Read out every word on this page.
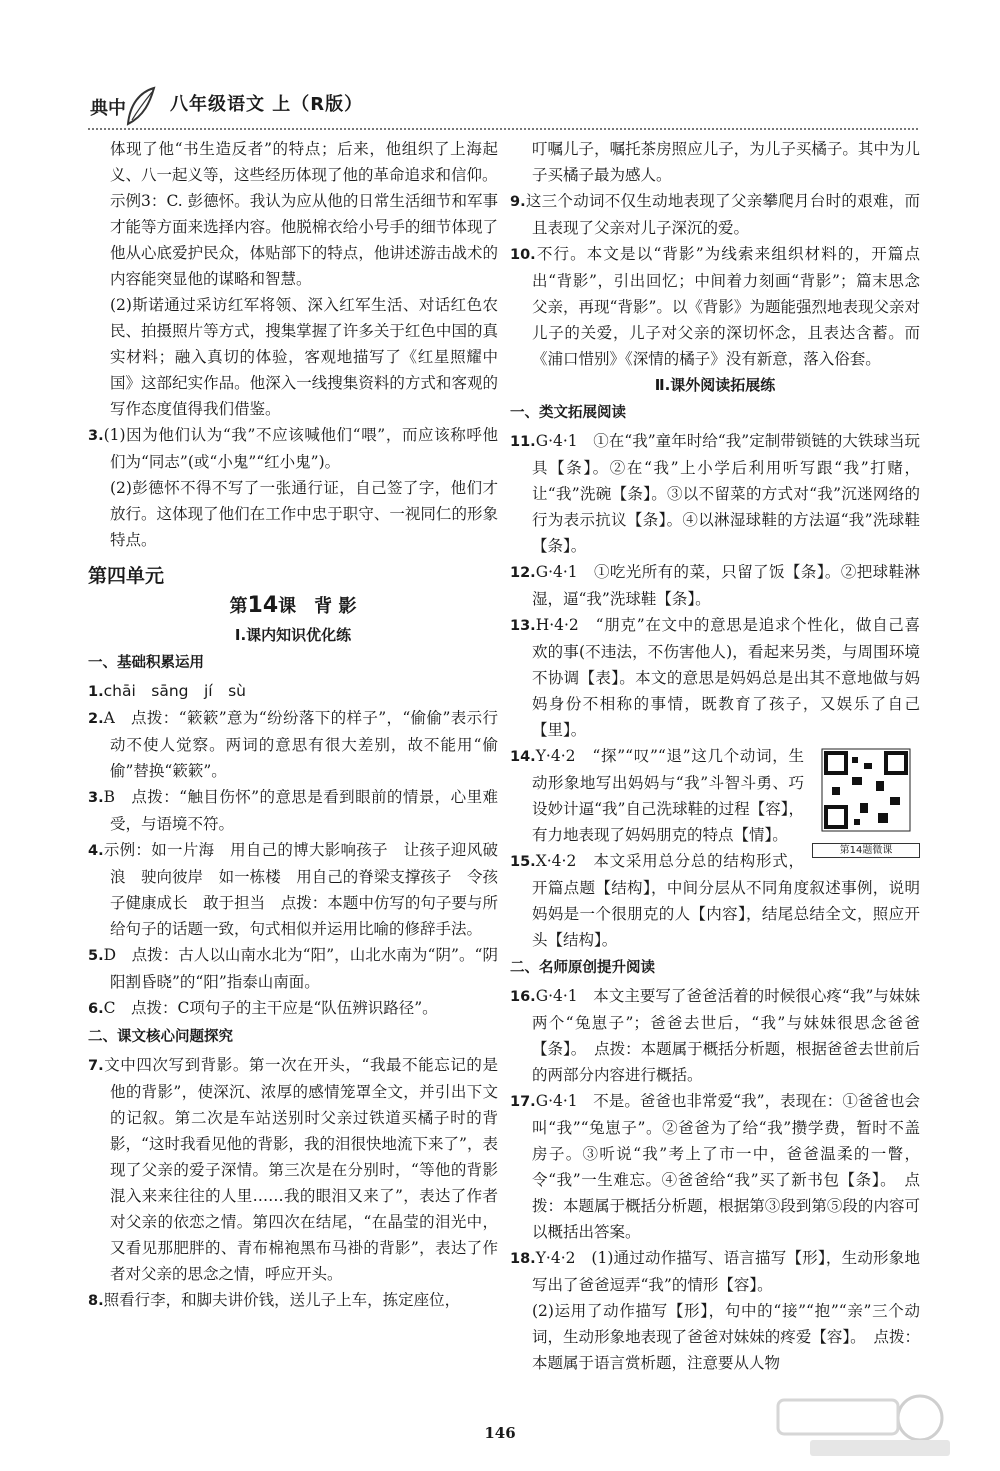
典中 八年级语文 上（R版）

体现了他“书生造反者”的特点；后来，他组织了上海起义、八一起义等，这些经历体现了他的革命追求和信仰。

示例3：C. 彭德怀。我认为应从他的日常生活细节和军事才能等方面来选择内容。他脱棉衣给小号手的细节体现了他从心底爱护民众，体贴部下的特点，他讲述游击战术的内容能突显他的谋略和智慧。

(2)斯诺通过采访红军将领、深入红军生活、对话红色农民、拍摄照片等方式，搜集掌握了许多关于红色中国的真实材料；融入真切的体验，客观地描写了《红星照耀中国》这部纪实作品。他深入一线搜集资料的方式和客观的写作态度值得我们借鉴。

3.(1)因为他们认为“我”不应该喊他们“喂”，而应该称呼他们为“同志”(或“小鬼”“红小鬼”)。

(2)彭德怀不得不写了一张通行证，自己签了字，他们才放行。这体现了他们在工作中忠于职守、一视同仁的形象特点。

第四单元
第14课　背 影
Ⅰ.课内知识优化练
一、基础积累运用

1.chāi　sāng　jí　sù

2.A　点拨：“簌簌”意为“纷纷落下的样子”，“偷偷”表示行动不使人觉察。两词的意思有很大差别，故不能用“偷偷”替换“簌簌”。

3.B　点拨：“触目伤怀”的意思是看到眼前的情景，心里难受，与语境不符。

4.示例：如一片海　用自己的博大影响孩子　让孩子迎风破浪　驶向彼岸　如一栋楼　用自己的脊梁支撑孩子　令孩子健康成长　敢于担当　点拨：本题中仿写的句子要与所给句子的话题一致，句式相似并运用比喻的修辞手法。

5.D　点拨：古人以山南水北为“阳”，山北水南为“阴”。“阴阳割昏晓”的“阳”指泰山南面。

6.C　点拨：C项句子的主干应是“队伍辨识路径”。

二、课文核心问题探究

7.文中四次写到背影。第一次在开头，“我最不能忘记的是他的背影”，使深沉、浓厚的感情笼罩全文，并引出下文的记叙。第二次是车站送别时父亲过铁道买橘子时的背影，“这时我看见他的背影，我的泪很快地流下来了”，表现了父亲的爱子深情。第三次是在分别时，“等他的背影混入来来往往的人里……我的眼泪又来了”，表达了作者对父亲的依恋之情。第四次在结尾，“在晶莹的泪光中，又看见那肥胖的、青布棉袍黑布马褂的背影”，表达了作者对父亲的思念之情，呼应开头。

8.照看行李，和脚夫讲价钱，送儿子上车，拣定座位，

叮嘱儿子，嘱托茶房照应儿子，为儿子买橘子。其中为儿子买橘子最为感人。

9.这三个动词不仅生动地表现了父亲攀爬月台时的艰难，而且表现了父亲对儿子深沉的爱。

10.不行。本文是以“背影”为线索来组织材料的，开篇点出“背影”，引出回忆；中间着力刻画“背影”；篇末思念父亲，再现“背影”。以《背影》为题能强烈地表现父亲对儿子的关爱，儿子对父亲的深切怀念，且表达含蓄。而《浦口惜别》《深情的橘子》没有新意，落入俗套。

Ⅱ.课外阅读拓展练
一、类文拓展阅读

11.G·4·1　①在“我”童年时给“我”定制带锁链的大铁球当玩具【条】。②在“我”上小学后利用听写跟“我”打赌，让“我”洗碗【条】。③以不留菜的方式对“我”沉迷网络的行为表示抗议【条】。④以淋湿球鞋的方法逼“我”洗球鞋【条】。

12.G·4·1　①吃光所有的菜，只留了饭【条】。②把球鞋淋湿，逼“我”洗球鞋【条】。

13.H·4·2　“朋克”在文中的意思是追求个性化，做自己喜欢的事(不违法，不伤害他人)，看起来另类，与周围环境不协调【表】。本文的意思是妈妈总是出其不意地做与妈妈身份不相称的事情，既教育了孩子，又娱乐了自己【里】。

第14题微课

14.Y·4·2　“探”“叹”“退”这几个动词，生动形象地写出妈妈与“我”斗智斗勇、巧设妙计逼“我”自己洗球鞋的过程【容】，有力地表现了妈妈朋克的特点【情】。

15.X·4·2　本文采用总分总的结构形式，开篇点题【结构】，中间分层从不同角度叙述事例，说明妈妈是一个很朋克的人【内容】，结尾总结全文，照应开头【结构】。

二、名师原创提升阅读

16.G·4·1　本文主要写了爸爸活着的时候很心疼“我”与妹妹两个“兔崽子”；爸爸去世后，“我”与妹妹很思念爸爸【条】。　点拨：本题属于概括分析题，根据爸爸去世前后的两部分内容进行概括。

17.G·4·1　不是。爸爸也非常爱“我”，表现在：①爸爸也会叫“我”“兔崽子”。②爸爸为了给“我”攒学费，暂时不盖房子。③听说“我”考上了市一中，爸爸温柔的一瞥，令“我”一生难忘。④爸爸给“我”买了新书包【条】。　点拨：本题属于概括分析题，根据第③段到第⑤段的内容可以概括出答案。

18.Y·4·2　(1)通过动作描写、语言描写【形】，生动形象地写出了爸爸逗弄“我”的情形【容】。

(2)运用了动作描写【形】，句中的“接”“抱”“亲”三个动词，生动形象地表现了爸爸对妹妹的疼爱【容】。　点拨：本题属于语言赏析题，注意要从人物

146
